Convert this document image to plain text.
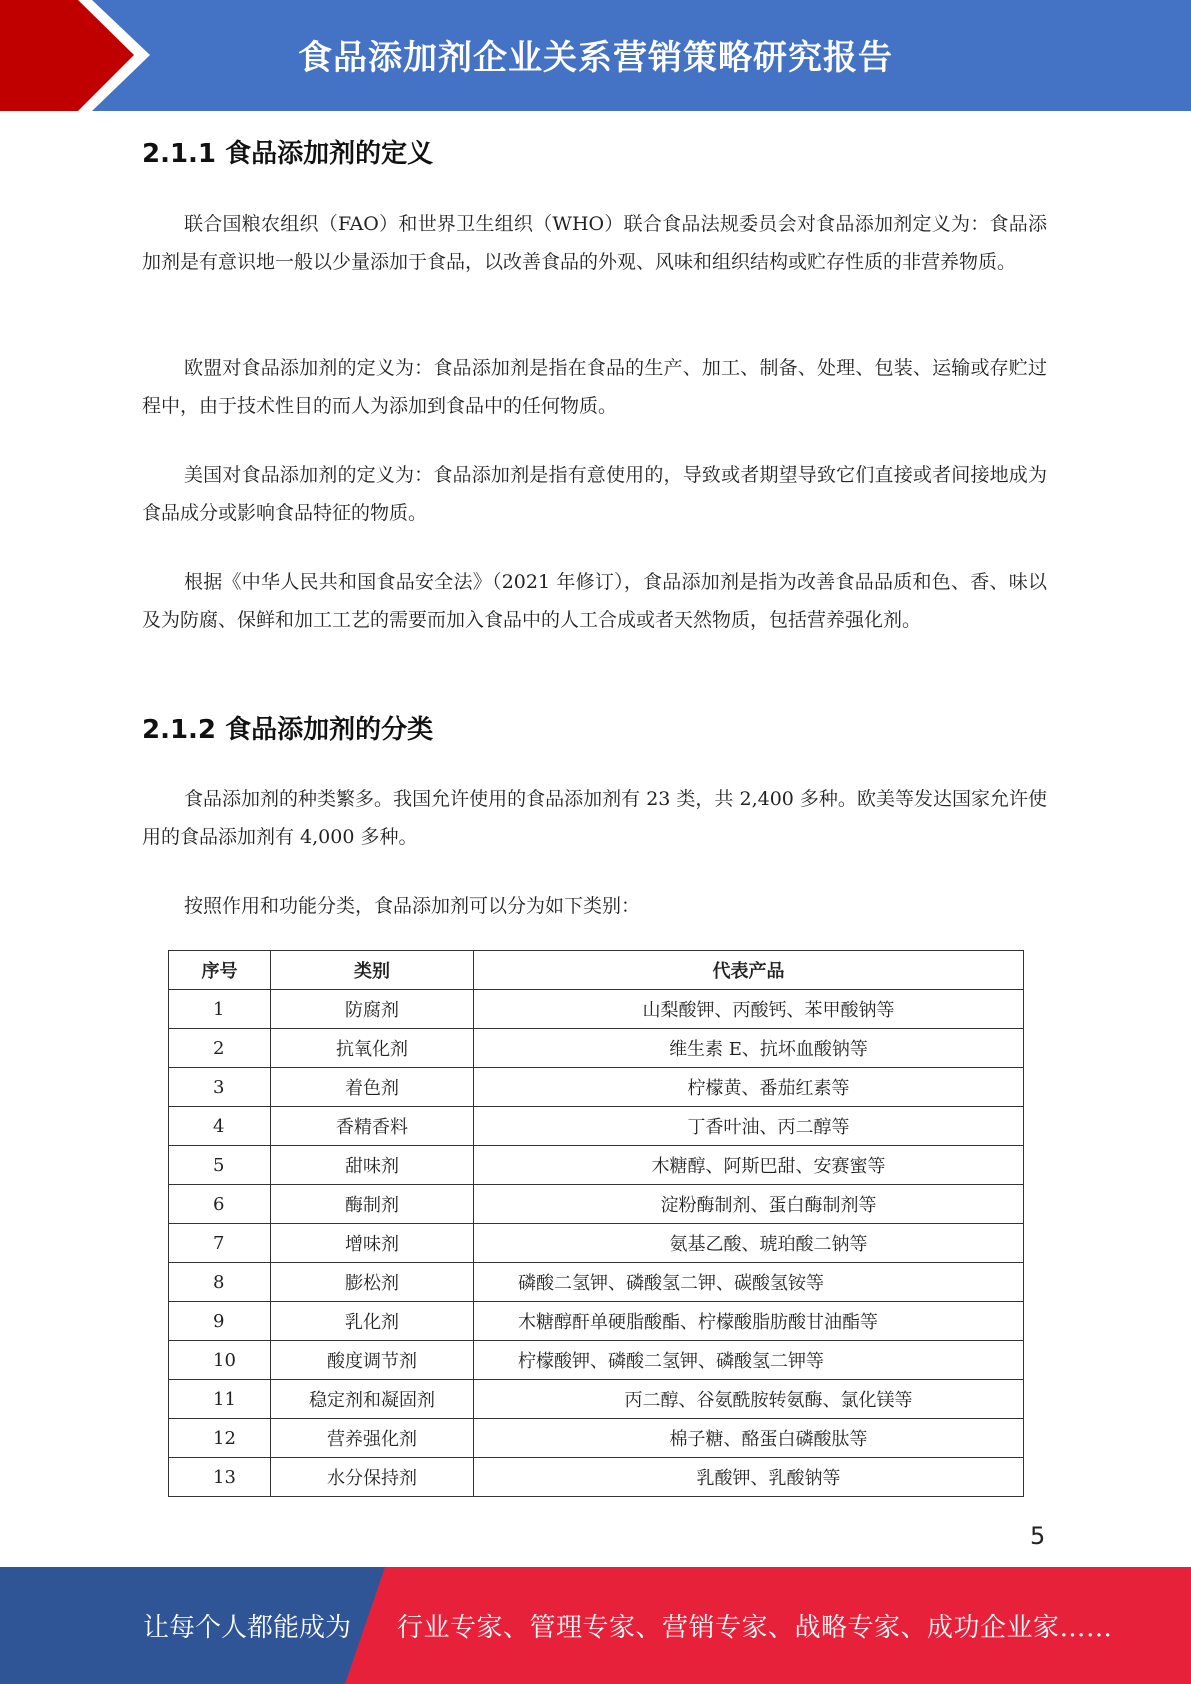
食品添加剂企业关系营销策略研究报告
2.1.1 食品添加剂的定义

联合国粮农组织（FAO）和世界卫生组织（WHO）联合食品法规委员会对食品添加剂定义为：食品添加剂是有意识地一般以少量添加于食品，以改善食品的外观、风味和组织结构或贮存性质的非营养物质。

欧盟对食品添加剂的定义为：食品添加剂是指在食品的生产、加工、制备、处理、包装、运输或存贮过程中，由于技术性目的而人为添加到食品中的任何物质。

美国对食品添加剂的定义为：食品添加剂是指有意使用的，导致或者期望导致它们直接或者间接地成为食品成分或影响食品特征的物质。

根据《中华人民共和国食品安全法》（2021 年修订），食品添加剂是指为改善食品品质和色、香、味以及为防腐、保鲜和加工工艺的需要而加入食品中的人工合成或者天然物质，包括营养强化剂。

2.1.2 食品添加剂的分类

食品添加剂的种类繁多。我国允许使用的食品添加剂有 23 类，共 2,400 多种。欧美等发达国家允许使用的食品添加剂有 4,000 多种。

按照作用和功能分类，食品添加剂可以分为如下类别：

序号	类别	代表产品
1	防腐剂	山梨酸钾、丙酸钙、苯甲酸钠等
2	抗氧化剂	维生素 E、抗坏血酸钠等
3	着色剂	柠檬黄、番茄红素等
4	香精香料	丁香叶油、丙二醇等
5	甜味剂	木糖醇、阿斯巴甜、安赛蜜等
6	酶制剂	淀粉酶制剂、蛋白酶制剂等
7	增味剂	氨基乙酸、琥珀酸二钠等
8	膨松剂	磷酸二氢钾、磷酸氢二钾、碳酸氢铵等
9	乳化剂	木糖醇酐单硬脂酸酯、柠檬酸脂肪酸甘油酯等
10	酸度调节剂	柠檬酸钾、磷酸二氢钾、磷酸氢二钾等
11	稳定剂和凝固剂	丙二醇、谷氨酰胺转氨酶、氯化镁等
12	营养强化剂	棉子糖、酪蛋白磷酸肽等
13	水分保持剂	乳酸钾、乳酸钠等
5
让每个人都能成为 行业专家、管理专家、营销专家、战略专家、成功企业家……
